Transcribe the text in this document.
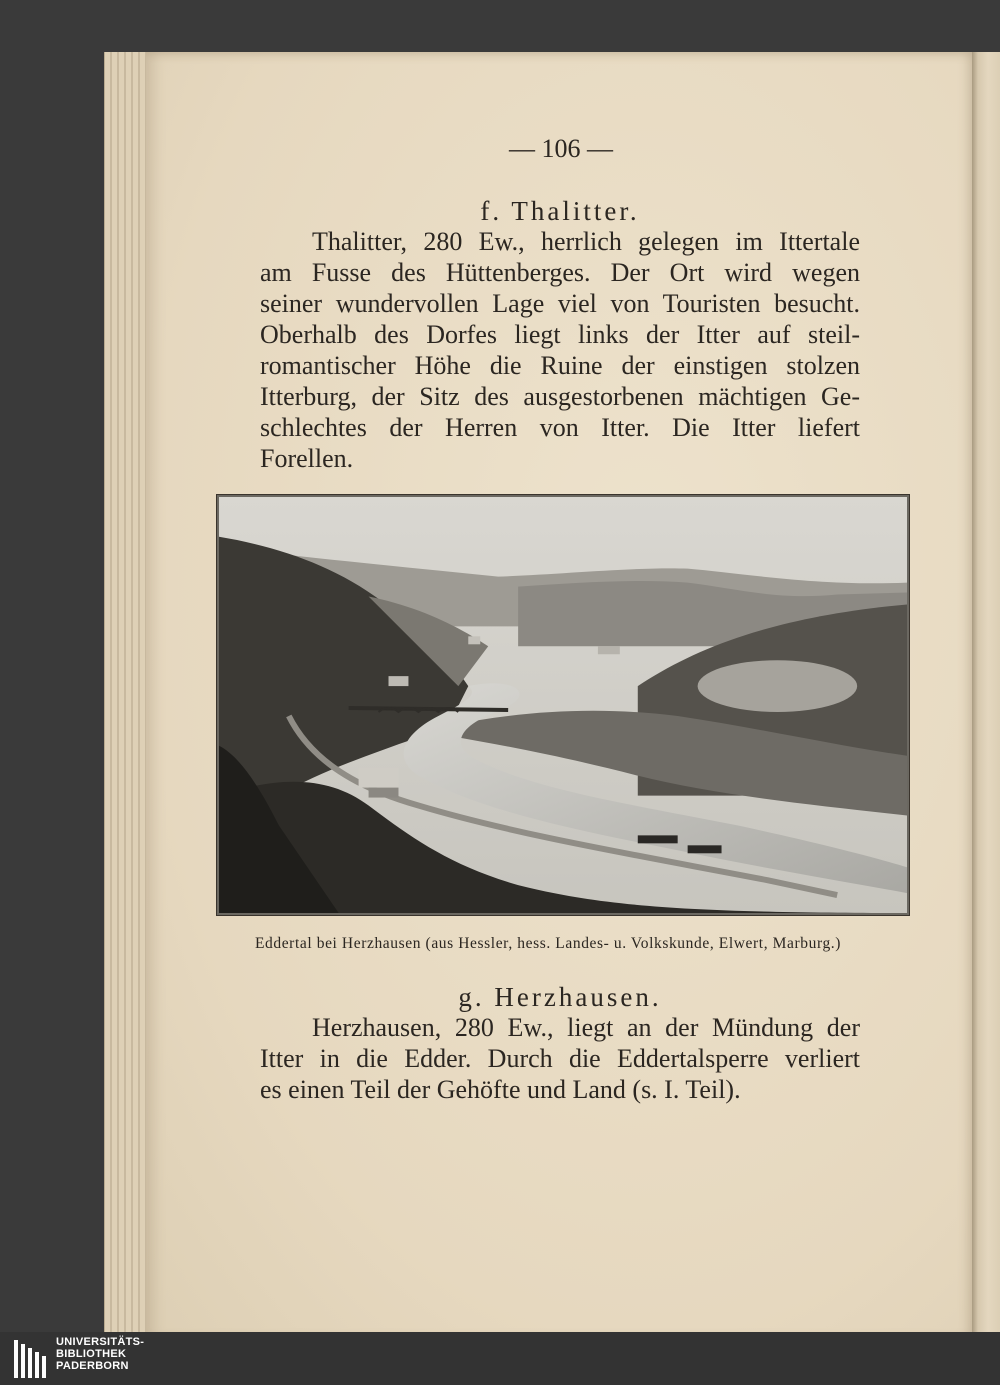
— 106 —
f. Thalitter.
Thalitter, 280 Ew., herrlich gelegen im Ittertale
am Fusse des Hüttenberges. Der Ort wird wegen
seiner wundervollen Lage viel von Touristen besucht.
Oberhalb des Dorfes liegt links der Itter auf steil-
romantischer Höhe die Ruine der einstigen stolzen
Itterburg, der Sitz des ausgestorbenen mächtigen Ge-
schlechtes der Herren von Itter. Die Itter liefert
Forellen.
Eddertal bei Herzhausen (aus Hessler, hess. Landes- u. Volkskunde, Elwert, Marburg.)
g. Herzhausen.
Herzhausen, 280 Ew., liegt an der Mündung der
Itter in die Edder. Durch die Eddertalsperre verliert
es einen Teil der Gehöfte und Land (s. I. Teil).
UNIVERSITÄTS-
BIBLIOTHEK
PADERBORN
